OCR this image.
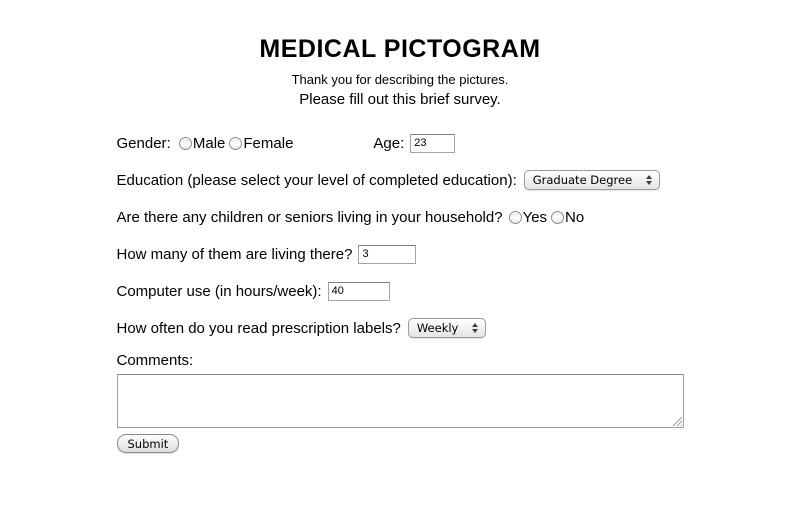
MEDICAL PICTOGRAM

Thank you for describing the pictures.

Please fill out this brief survey.

Gender: Male Female	Age:
23
Education (please select your level of completed education): Graduate Degree
Are there any children or seniors living in your household? Yes No
How many of them are living there?
3
Computer use (in hours/week):
40
How often do you read prescription labels? Weekly
Comments:
Submit
